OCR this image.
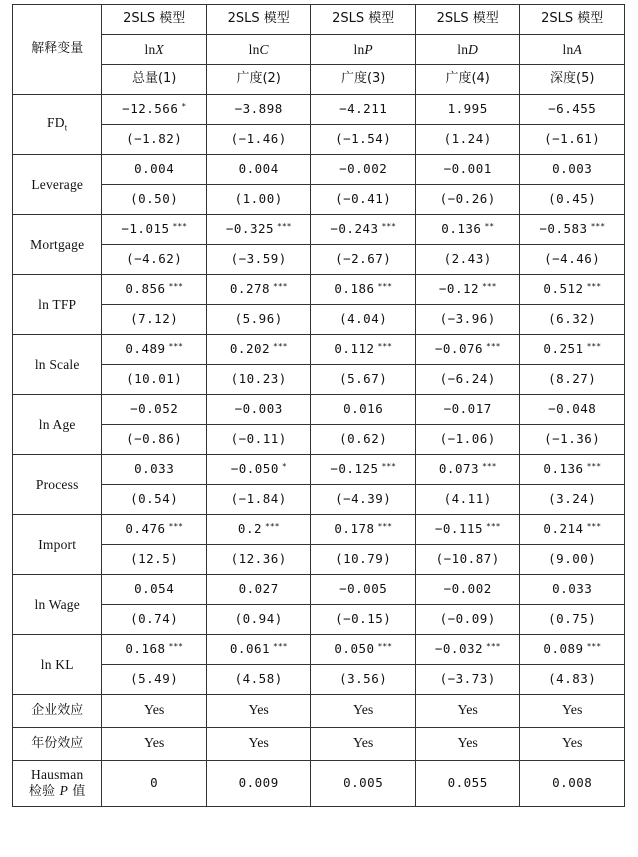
解释变量	2SLS 模型	2SLS 模型	2SLS 模型	2SLS 模型	2SLS 模型
	lnX	lnC	lnP	lnD	lnA
	总量(1)	广度(2)	广度(3)	广度(4)	深度(5)
$FD_t$	−12.566 *	−3.898	−4.211	1.995	−6.455
	(−1.82)	(−1.46)	(−1.54)	(1.24)	(−1.61)
Leverage	0.004	0.004	−0.002	−0.001	0.003
	(0.50)	(1.00)	(−0.41)	(−0.26)	(0.45)
Mortgage	−1.015 ***	−0.325 ***	−0.243 ***	0.136 **	−0.583 ***
	(−4.62)	(−3.59)	(−2.67)	(2.43)	(−4.46)
ln TFP	0.856 ***	0.278 ***	0.186 ***	−0.12 ***	0.512 ***
	(7.12)	(5.96)	(4.04)	(−3.96)	(6.32)
ln Scale	0.489 ***	0.202 ***	0.112 ***	−0.076 ***	0.251 ***
	(10.01)	(10.23)	(5.67)	(−6.24)	(8.27)
ln Age	−0.052	−0.003	0.016	−0.017	−0.048
	(−0.86)	(−0.11)	(0.62)	(−1.06)	(−1.36)
Process	0.033	−0.050 *	−0.125 ***	0.073 ***	0.136 ***
	(0.54)	(−1.84)	(−4.39)	(4.11)	(3.24)
Import	0.476 ***	0.2 ***	0.178 ***	−0.115 ***	0.214 ***
	(12.5)	(12.36)	(10.79)	(−10.87)	(9.00)
ln Wage	0.054	0.027	−0.005	−0.002	0.033
	(0.74)	(0.94)	(−0.15)	(−0.09)	(0.75)
ln KL	0.168 ***	0.061 ***	0.050 ***	−0.032 ***	0.089 ***
	(5.49)	(4.58)	(3.56)	(−3.73)	(4.83)
企业效应	Yes	Yes	Yes	Yes	Yes
年份效应	Yes	Yes	Yes	Yes	Yes
Hausman
检验 P 值	0	0.009	0.005	0.055	0.008
